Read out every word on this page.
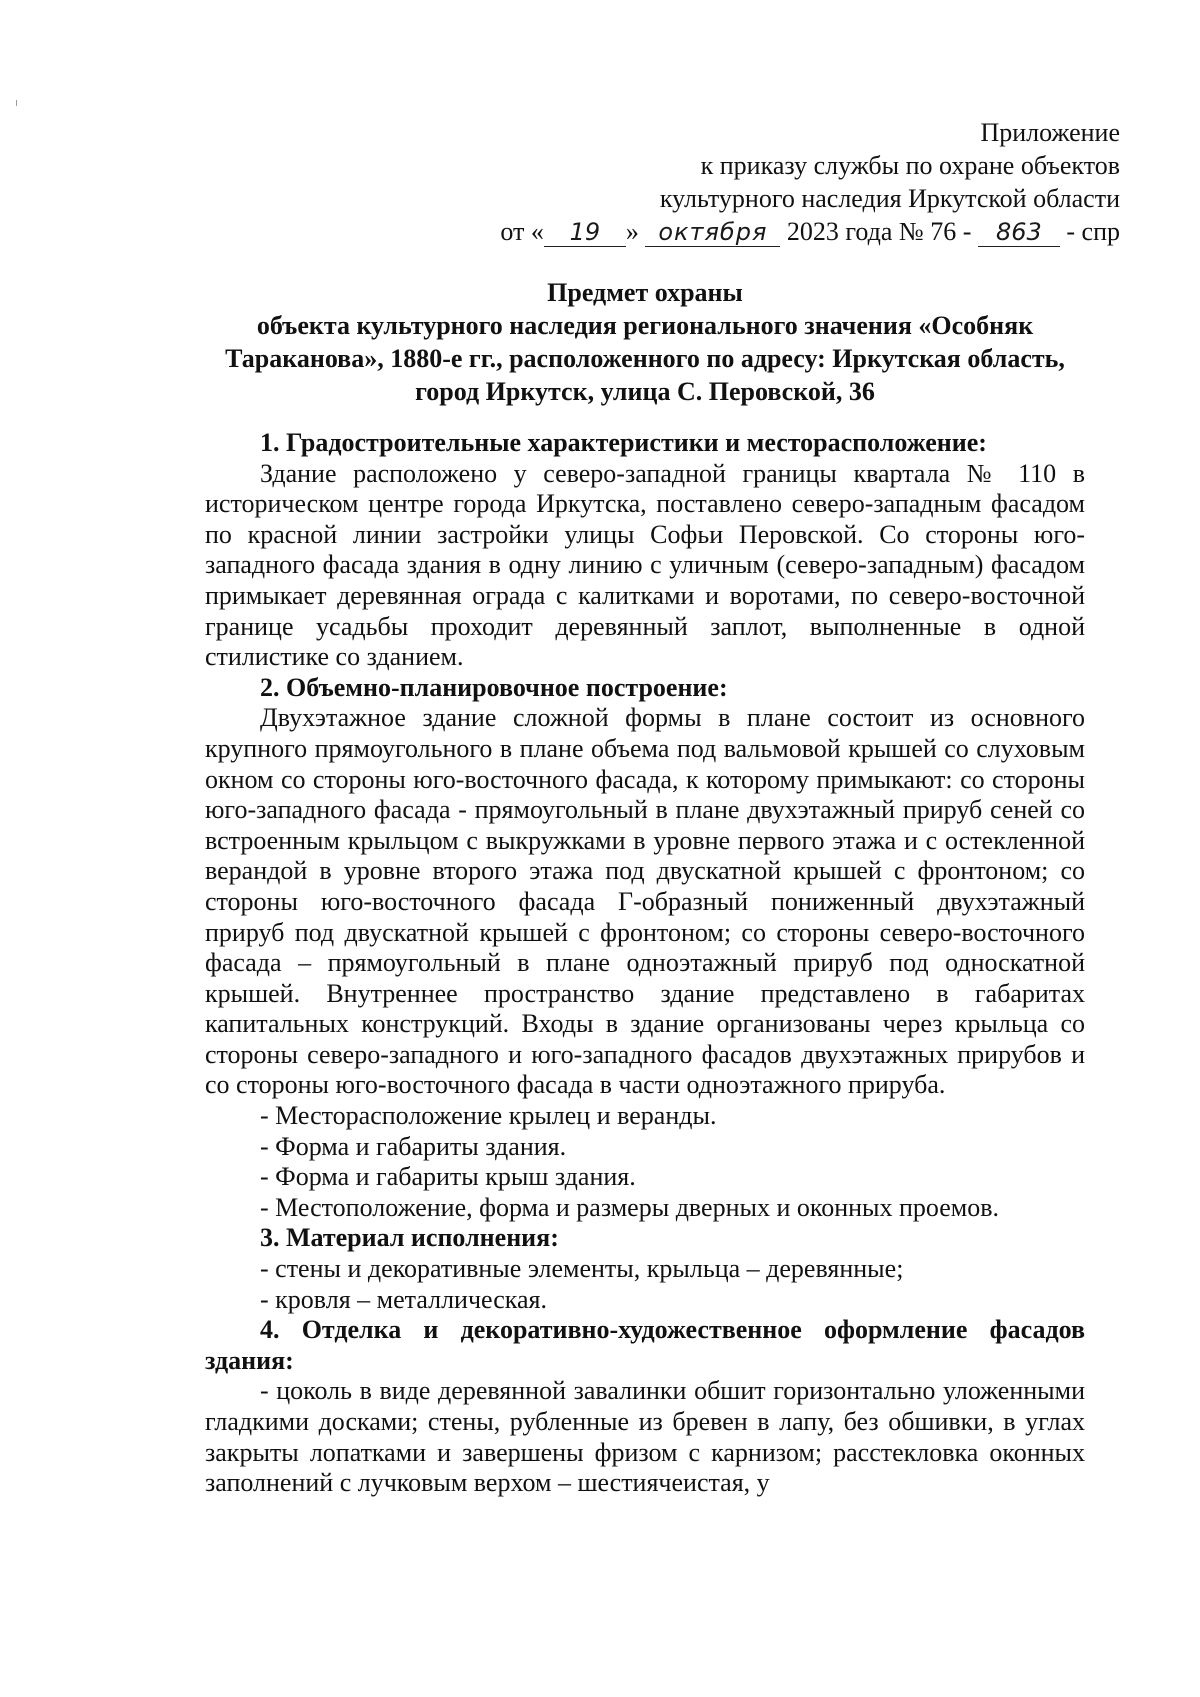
Приложение
к приказу службы по охране объектов
культурного наследия Иркутской области
от « 19 » октября 2023 года № 76 - 863 - спр
Предмет охраны
объекта культурного наследия регионального значения «Особняк
Тараканова», 1880-е гг., расположенного по адресу: Иркутская область,
город Иркутск, улица С. Перовской, 36

1. Градостроительные характеристики и месторасположение:

Здание расположено у северо-западной границы квартала № 110 в историческом центре города Иркутска, поставлено северо-западным фасадом по красной линии застройки улицы Софьи Перовской. Со стороны юго-западного фасада здания в одну линию с уличным (северо-западным) фасадом примыкает деревянная ограда с калитками и воротами, по северо-восточной границе усадьбы проходит деревянный заплот, выполненные в одной стилистике со зданием.

2. Объемно-планировочное построение:

Двухэтажное здание сложной формы в плане состоит из основного крупного прямоугольного в плане объема под вальмовой крышей со слуховым окном со стороны юго-восточного фасада, к которому примыкают: со стороны юго-западного фасада - прямоугольный в плане двухэтажный прируб сеней со встроенным крыльцом с выкружками в уровне первого этажа и с остекленной верандой в уровне второго этажа под двускатной крышей с фронтоном; со стороны юго-восточного фасада Г-образный пониженный двухэтажный прируб под двускатной крышей с фронтоном; со стороны северо-восточного фасада – прямоугольный в плане одноэтажный прируб под односкатной крышей. Внутреннее пространство здание представлено в габаритах капитальных конструкций. Входы в здание организованы через крыльца со стороны северо-западного и юго-западного фасадов двухэтажных прирубов и со стороны юго-восточного фасада в части одноэтажного прируба.

- Месторасположение крылец и веранды.

- Форма и габариты здания.

- Форма и габариты крыш здания.

- Местоположение, форма и размеры дверных и оконных проемов.

3. Материал исполнения:

- стены и декоративные элементы, крыльца – деревянные;

- кровля – металлическая.

4. Отделка и декоративно-художественное оформление фасадов здания:

- цоколь в виде деревянной завалинки обшит горизонтально уложенными гладкими досками; стены, рубленные из бревен в лапу, без обшивки, в углах закрыты лопатками и завершены фризом с карнизом; расстекловка оконных заполнений с лучковым верхом – шестиячеистая, у
